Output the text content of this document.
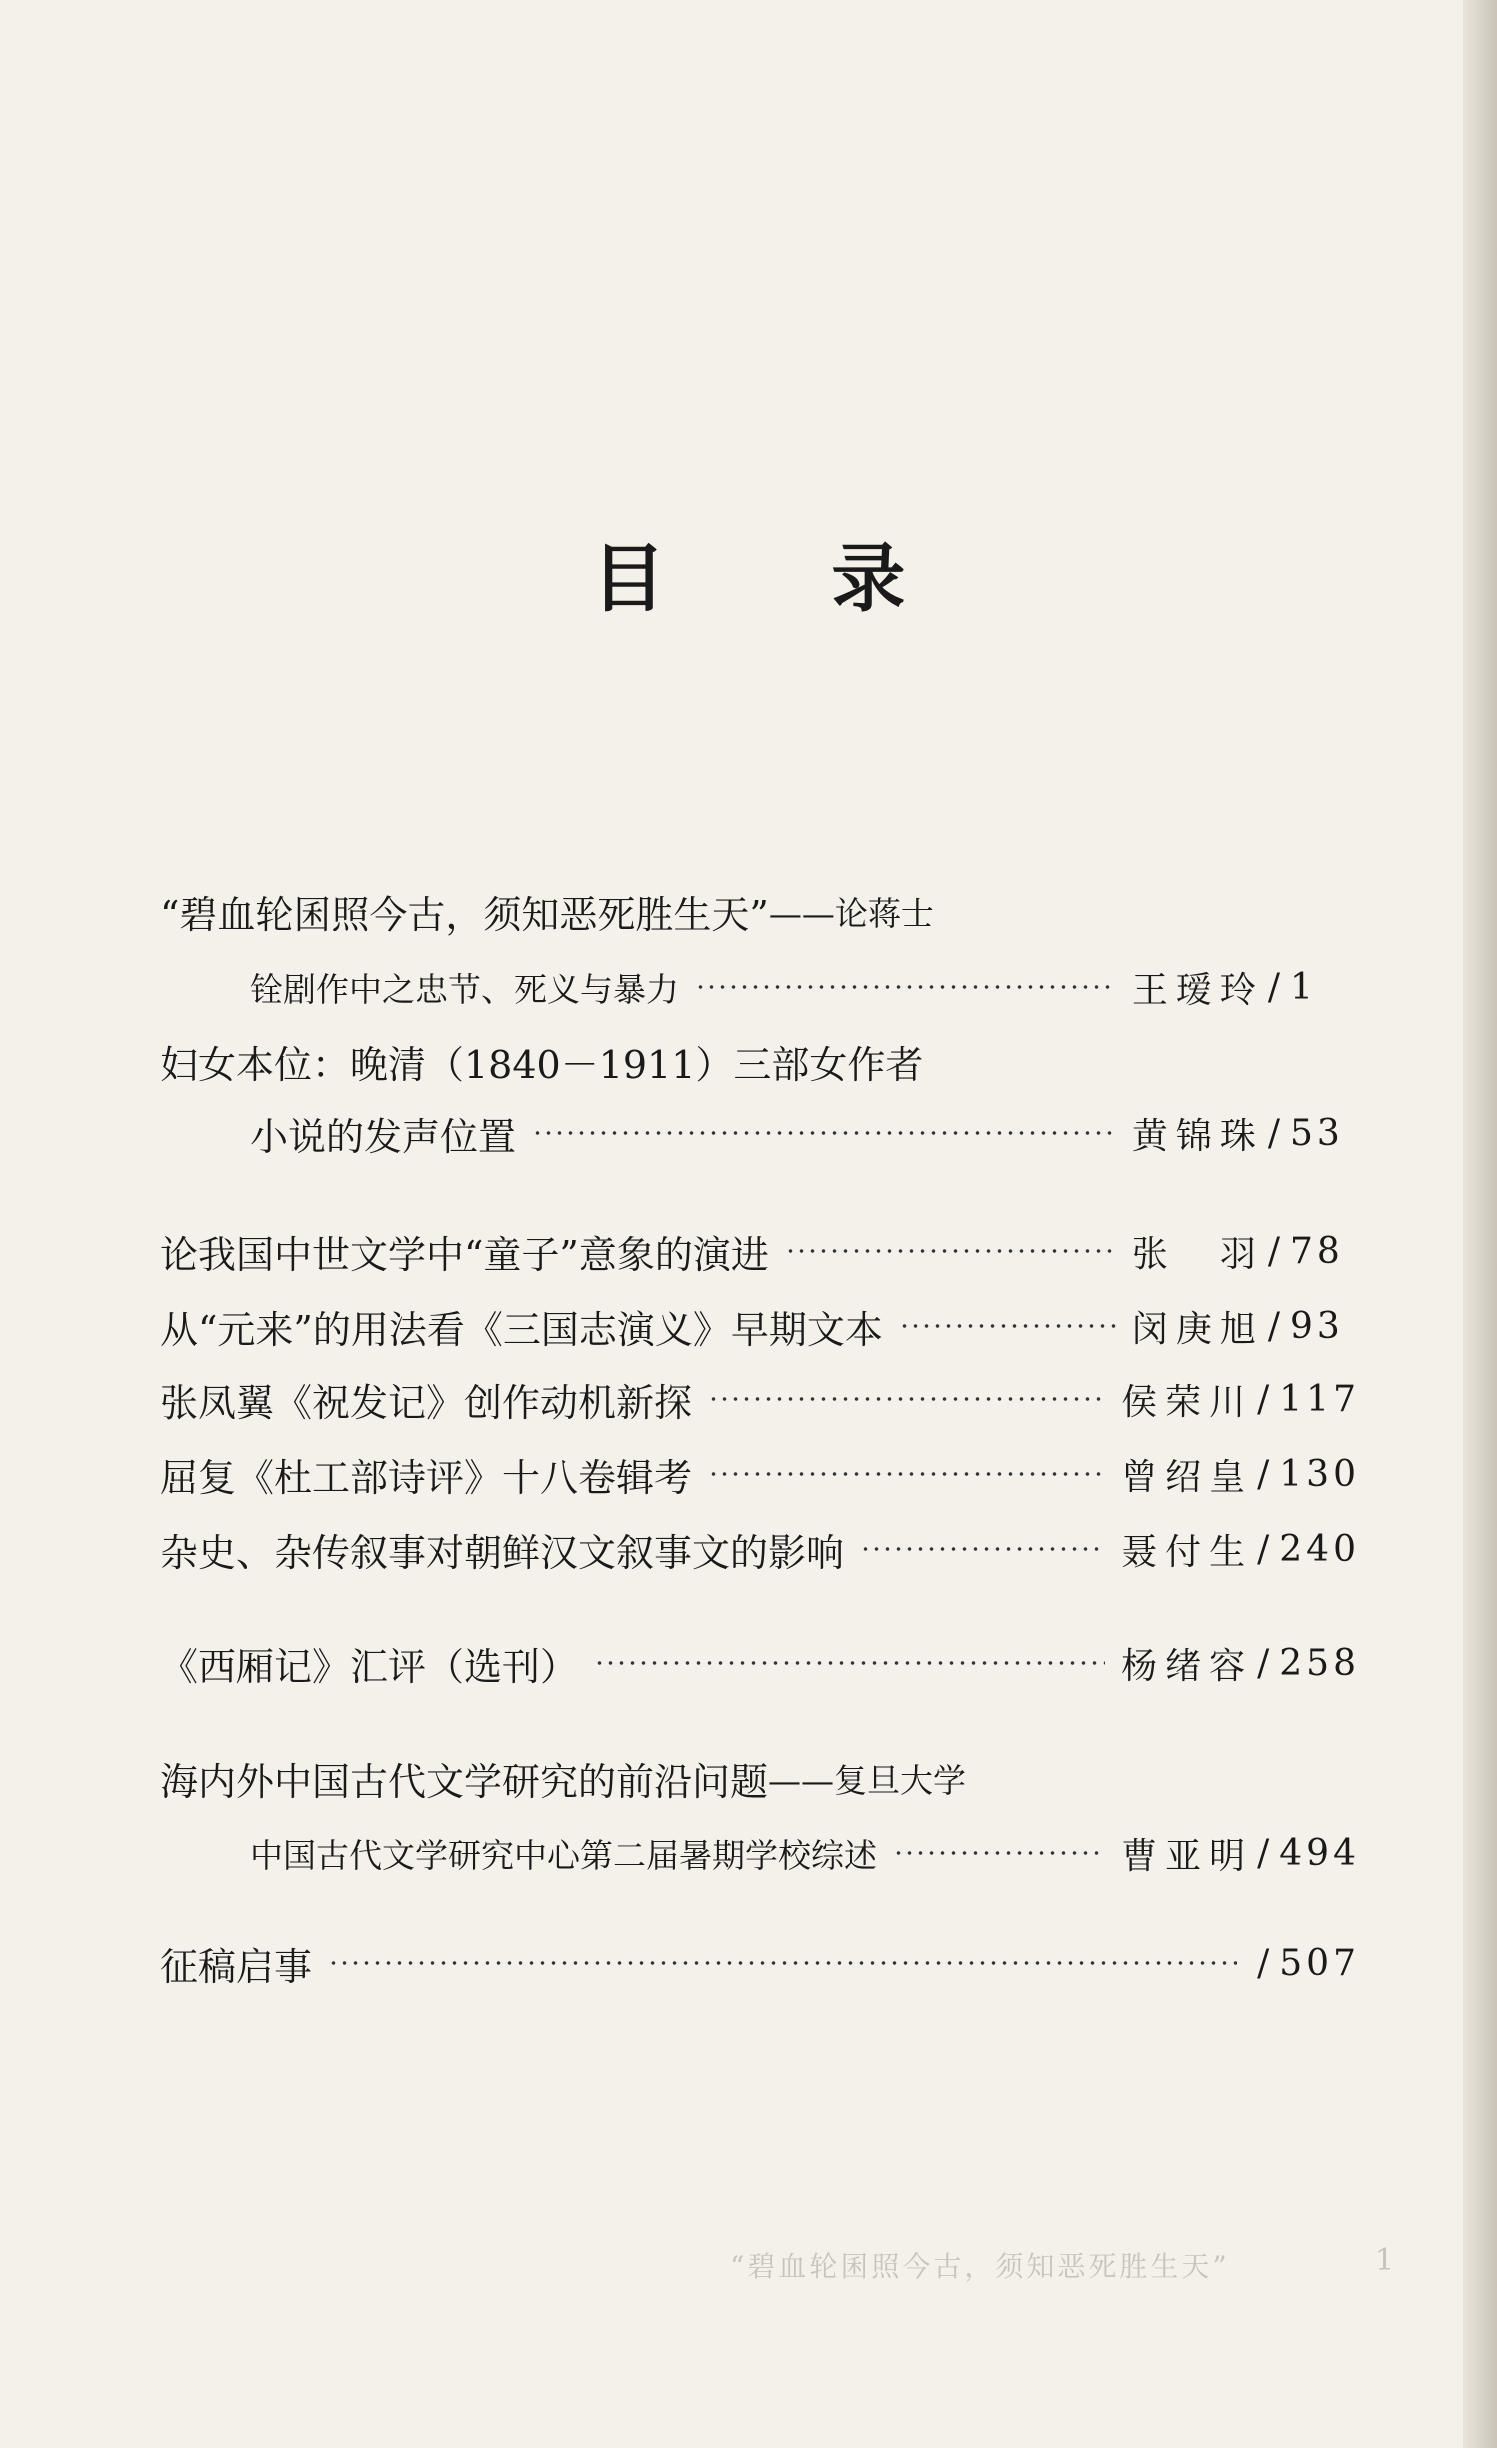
目 录
“碧血轮囷照今古，须知恶死胜生天” ——论蒋士
铨剧作中之忠节、死义与暴力	王瑷玲 / 1
妇女本位：晚清（1840－1911）三部女作者
小说的发声位置	黄锦珠 / 53
论我国中世文学中“童子”意象的演进	张　羽 / 78
从“元来”的用法看《三国志演义》早期文本	闵庚旭 / 93
张凤翼《祝发记》创作动机新探	侯荣川 / 117
屈复《杜工部诗评》十八卷辑考	曾绍皇 / 130
杂史、杂传叙事对朝鲜汉文叙事文的影响	聂付生 / 240
《西厢记》汇评（选刊）	杨绪容 / 258
海内外中国古代文学研究的前沿问题 ——复旦大学
中国古代文学研究中心第二届暑期学校综述	曹亚明 / 494
征稿启事	/ 507
“碧血轮囷照今古，须知恶死胜生天”	1
